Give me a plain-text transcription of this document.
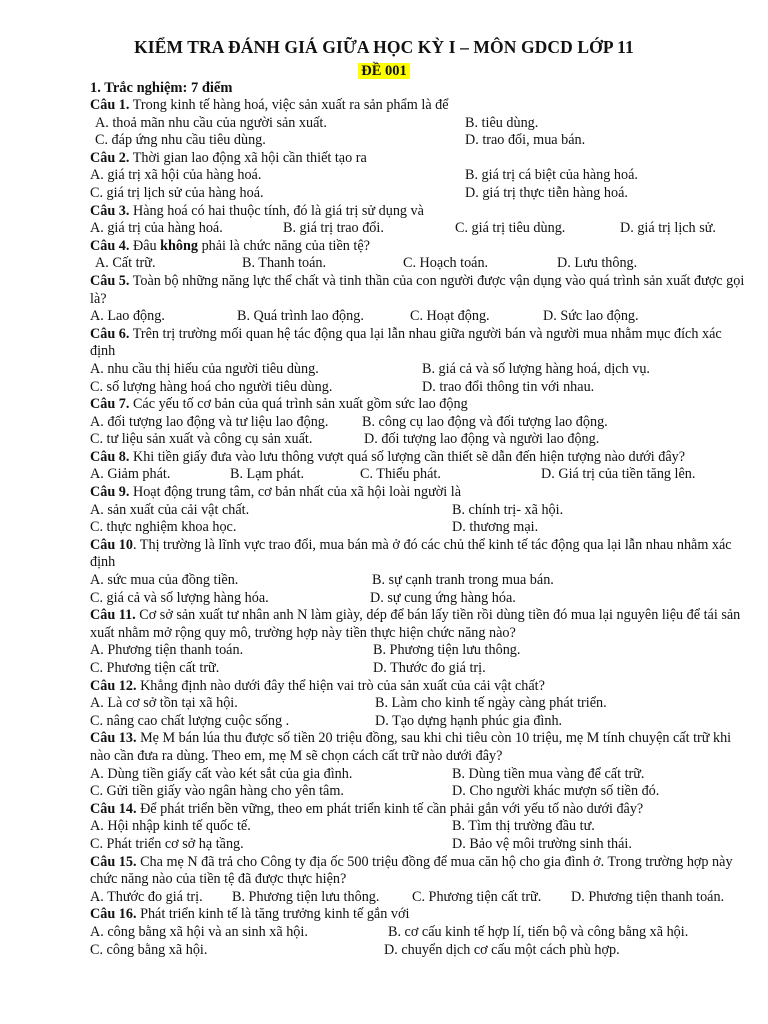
KIỂM TRA ĐÁNH GIÁ GIỮA HỌC KỲ I – MÔN GDCD LỚP 11
ĐỀ 001
1. Trắc nghiệm: 7 điểm
Câu 1. Trong kinh tế hàng hoá, việc sản xuất ra sản phẩm là để
A. thoả mãn nhu cầu của người sản xuất.	B. tiêu dùng.
C. đáp ứng nhu cầu tiêu dùng.	D. trao đổi, mua bán.
Câu 2. Thời gian lao động xã hội cần thiết tạo ra
A. giá trị xã hội của hàng hoá.	B. giá trị cá biệt của hàng hoá.
C. giá trị lịch sử của hàng hoá.	D. giá trị thực tiễn hàng hoá.
Câu 3. Hàng hoá có hai thuộc tính, đó là giá trị sử dụng và
A. giá trị của hàng hoá.	B. giá trị trao đổi.	C. giá trị tiêu dùng.	D. giá trị lịch sử.
Câu 4. Đâu không phải là chức năng của tiền tệ?
A. Cất trữ.	B. Thanh toán.	C. Hoạch toán.	D. Lưu thông.
Câu 5. Toàn bộ những năng lực thể chất và tinh thần của con người được vận dụng vào quá trình sản xuất được gọi là?
A. Lao động.	B. Quá trình lao động.	C. Hoạt động.	D. Sức lao động.
Câu 6. Trên trị trường mối quan hệ tác động qua lại lẫn nhau giữa người bán và người mua nhằm mục đích xác định
A. nhu cầu thị hiếu của người tiêu dùng.	B. giá cả và số lượng hàng hoá, dịch vụ.
C. số lượng hàng hoá cho người tiêu dùng.	D. trao đổi thông tin với nhau.
Câu 7. Các yếu tố cơ bản của quá trình sản xuất gồm sức lao động
A. đối tượng lao động và tư liệu lao động. B. công cụ lao động và đối tượng lao động.
C. tư liệu sản xuất và công cụ sản xuất.	D. đối tượng lao động và người lao động.
Câu 8. Khi tiền giấy đưa vào lưu thông vượt quá số lượng cần thiết sẽ dẫn đến hiện tượng nào dưới đây?
A. Giảm phát.	B. Lạm phát.	C. Thiểu phát.	D. Giá trị của tiền tăng lên.
Câu 9. Hoạt động trung tâm, cơ bản nhất của xã hội loài người là
A. sản xuất của cải vật chất.	B. chính trị- xã hội.
C. thực nghiệm khoa học.	D. thương mại.
Câu 10. Thị trường là lĩnh vực trao đổi, mua bán mà ở đó các chủ thể kinh tế tác động qua lại lẫn nhau nhằm xác định
A. sức mua của đồng tiền.	B. sự cạnh tranh trong mua bán.
C. giá cả và số lượng hàng hóa.	D. sự cung ứng hàng hóa.
Câu 11. Cơ sở sản xuất tư nhân anh N làm giày, dép để bán lấy tiền rồi dùng tiền đó mua lại nguyên liệu để tái sản xuất nhằm mở rộng quy mô, trường hợp này tiền thực hiện chức năng nào?
A. Phương tiện thanh toán.	B. Phương tiện lưu thông.
C. Phương tiện cất trữ.	D. Thước đo giá trị.
Câu 12. Khẳng định nào dưới đây thể hiện vai trò của sản xuất của cải vật chất?
A. Là cơ sở tồn tại xã hội.	B. Làm cho kinh tế ngày càng phát triển.
C. nâng cao chất lượng cuộc sống .	D. Tạo dựng hạnh phúc gia đình.
Câu 13. Mẹ M bán lúa thu được số tiền 20 triệu đồng, sau khi chi tiêu còn 10 triệu, mẹ M tính chuyện cất trữ khi nào cần đưa ra dùng. Theo em, mẹ M sẽ chọn cách cất trữ nào dưới đây?
A. Dùng tiền giấy cất vào két sắt của gia đình.	B. Dùng tiền mua vàng để cất trữ.
C. Gửi tiền giấy vào ngân hàng cho yên tâm.	D. Cho người khác mượn số tiền đó.
Câu 14. Để phát triển bền vững, theo em phát triển kinh tế cần phải gắn với yếu tố nào dưới đây?
A. Hội nhập kinh tế quốc tế.	B. Tìm thị trường đầu tư.
C. Phát triển cơ sở hạ tầng.	D. Bảo vệ môi trường sinh thái.
Câu 15. Cha mẹ N đã trả cho Công ty địa ốc 500 triệu đồng để mua căn hộ cho gia đình ở. Trong trường hợp này chức năng nào của tiền tệ đã được thực hiện?
A. Thước đo giá trị. B. Phương tiện lưu thông. C. Phương tiện cất trữ. D. Phương tiện thanh toán.
Câu 16. Phát triển kinh tế là tăng trưởng kinh tế gắn với
A. công bằng xã hội và an sinh xã hội.	B. cơ cấu kinh tế hợp lí, tiến bộ và công bằng xã hội.
C. công bằng xã hội.	D. chuyển dịch cơ cấu một cách phù hợp.
